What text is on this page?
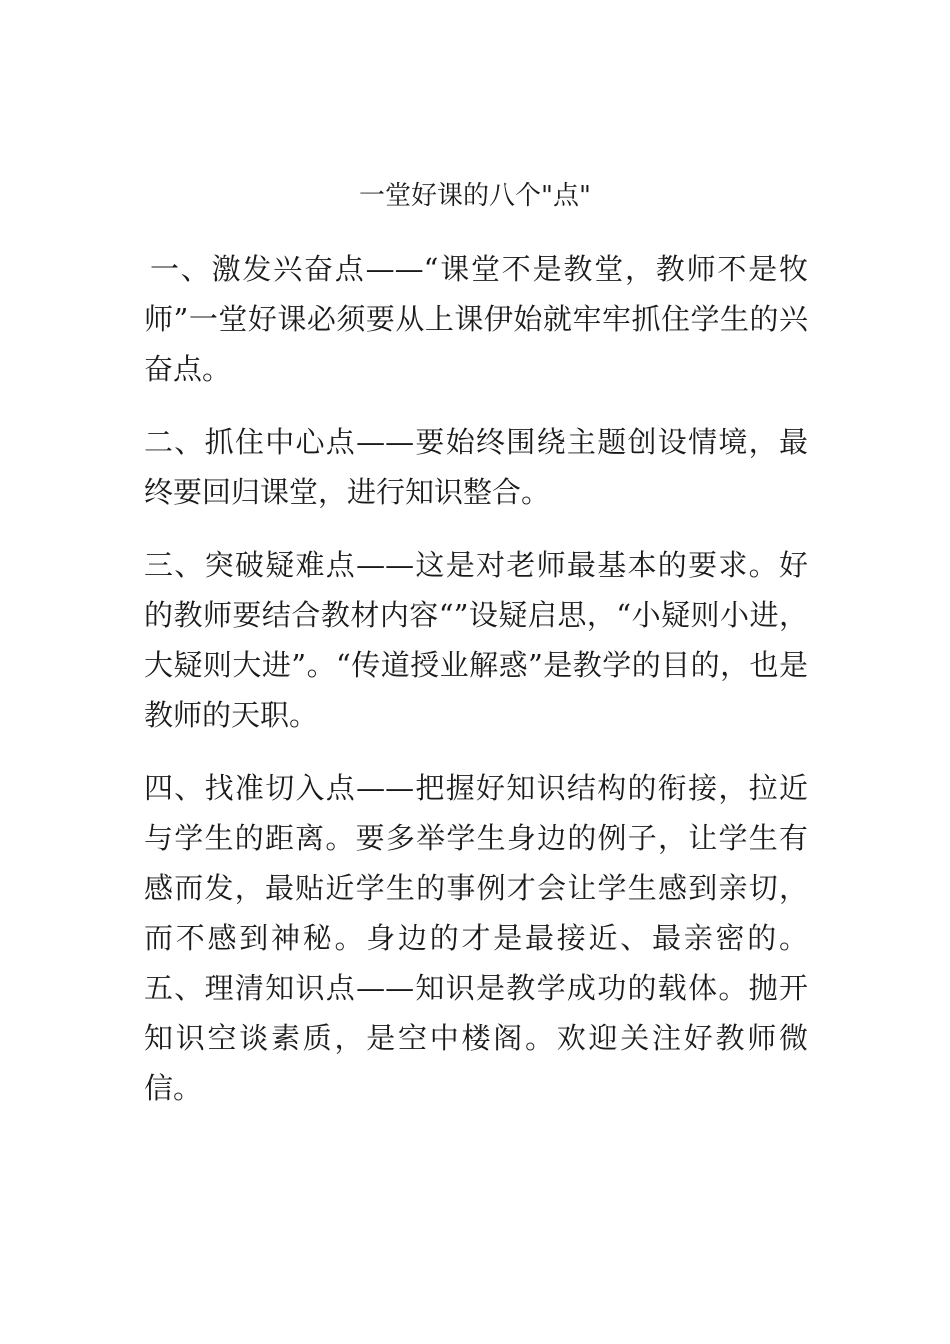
一堂好课的八个"点"

一、激发兴奋点——“课堂不是教堂，教师不是牧师”一堂好课必须要从上课伊始就牢牢抓住学生的兴奋点。

二、抓住中心点——要始终围绕主题创设情境，最终要回归课堂，进行知识整合。

三、突破疑难点——这是对老师最基本的要求。好的教师要结合教材内容“”设疑启思，“小疑则小进，大疑则大进”。“传道授业解惑”是教学的目的，也是教师的天职。

四、找准切入点——把握好知识结构的衔接，拉近与学生的距离。要多举学生身边的例子，让学生有感而发，最贴近学生的事例才会让学生感到亲切，而不感到神秘。身边的才是最接近、最亲密的。五、理清知识点——知识是教学成功的载体。抛开知识空谈素质，是空中楼阁。欢迎关注好教师微信。
